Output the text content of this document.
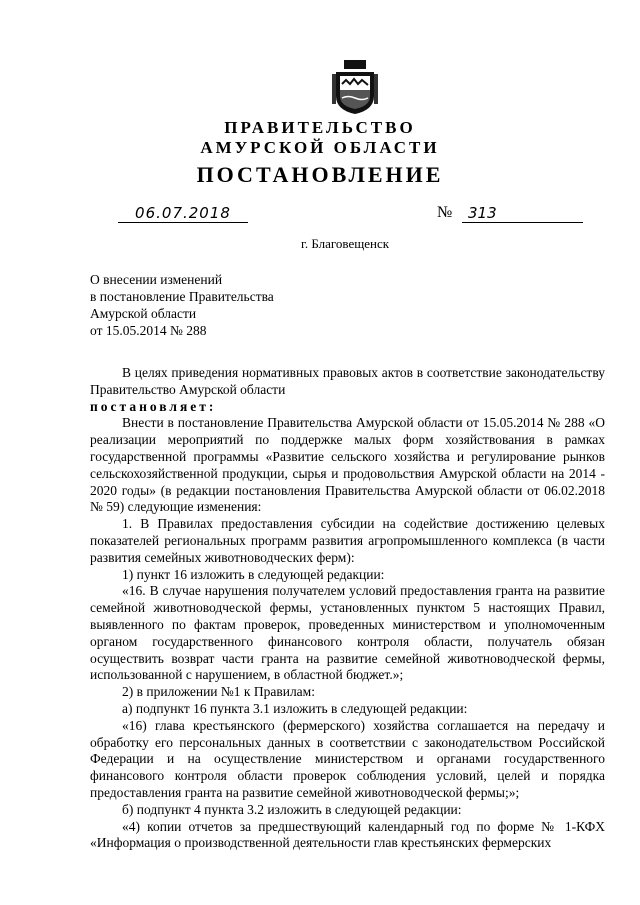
ПРАВИТЕЛЬСТВО
АМУРСКОЙ ОБЛАСТИ
ПОСТАНОВЛЕНИЕ
06.07.2018	№	313
г. Благовещенск
О внесении изменений
в постановление Правительства
Амурской области
от 15.05.2014 № 288

В целях приведения нормативных правовых актов в соответствие законодательству Правительство Амурской области

постановляет:

Внести в постановление Правительства Амурской области от 15.05.2014 № 288 «О реализации мероприятий по поддержке малых форм хозяйствования в рамках государственной программы «Развитие сельского хозяйства и регулирование рынков сельскохозяйственной продукции, сырья и продовольствия Амурской области на 2014 - 2020 годы» (в редакции постановления Правительства Амурской области от 06.02.2018 № 59) следующие изменения:

1. В Правилах предоставления субсидии на содействие достижению целевых показателей региональных программ развития агропромышленного комплекса (в части развития семейных животноводческих ферм):

1) пункт 16 изложить в следующей редакции:

«16. В случае нарушения получателем условий предоставления гранта на развитие семейной животноводческой фермы, установленных пунктом 5 настоящих Правил, выявленного по фактам проверок, проведенных министерством и уполномоченным органом государственного финансового контроля области, получатель обязан осуществить возврат части гранта на развитие семейной животноводческой фермы, использованной с нарушением, в областной бюджет.»;

2) в приложении №1 к Правилам:

а) подпункт 16 пункта 3.1 изложить в следующей редакции:

«16) глава крестьянского (фермерского) хозяйства соглашается на передачу и обработку его персональных данных в соответствии с законодательством Российской Федерации и на осуществление министерством и органами государственного финансового контроля области проверок соблюдения условий, целей и порядка предоставления гранта на развитие семейной животноводческой фермы;»;

б) подпункт 4 пункта 3.2 изложить в следующей редакции:

«4) копии отчетов за предшествующий календарный год по форме № 1-КФХ «Информация о производственной деятельности глав крестьянских фермерских
